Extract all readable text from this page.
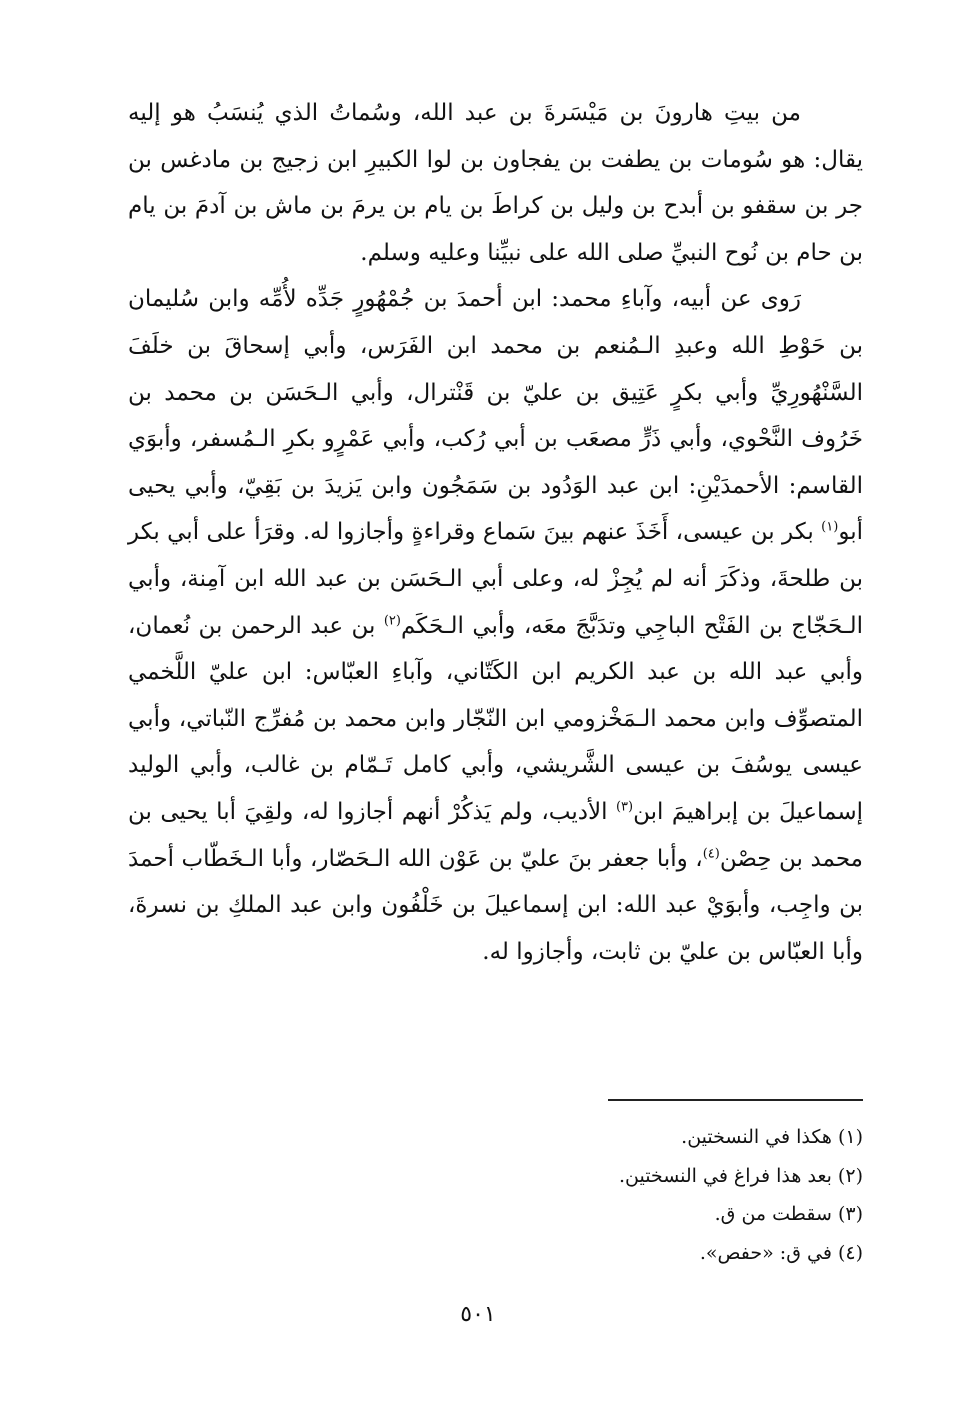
من بيتِ هارونَ بن مَيْسَرةَ بن عبد الله، وسُماتُ الذي يُنسَبُ هو إليه يقال: هو سُومات بن يطفت بن يفجاون بن لوا الكبيرِ ابن زجيج بن مادغس بن جر بن سقفو بن أبدح بن وليل بن كراطَ بن يام بن يرمَ بن ماش بن آدمَ بن يام بن حام بن نُوح النبيِّ صلى الله على نبيِّنا وعليه وسلم.

رَوى عن أبيه، وآباءِ محمد: ابن أحمدَ بن جُمْهُورٍ جَدِّه لأُمِّه وابن سُليمان بن حَوْطِ الله وعبدِ الـمُنعم بن محمد ابن الفَرَس، وأبي إسحاقَ بن خلَفَ السَّنْهُورِيِّ وأبي بكرٍ عَتِيق بن عليّ بن قَنْترال، وأبي الـحَسَن بن محمد بن خَرُوف النَّحْوي، وأبي ذَرٍّ مصعَب بن أبي رُكب، وأبي عَمْرٍو بكرِ الـمُسفر، وأبوَي القاسم: الأحمدَيْنِ: ابن عبد الوَدُود بن سَمَجُون وابن يَزيدَ بن بَقِيّ، وأبي يحيى أبو$^{(١)}$ بكر بن عيسى، أَخَذَ عنهم بينَ سَماع وقراءةٍ وأجازوا له. وقرَأ على أبي بكر بن طلحةَ، وذكَرَ أنه لم يُجِزْ له، وعلى أبي الـحَسَن بن عبد الله ابن آمِنة، وأبي الـحَجّاج بن الفَتْح الباجِي وتدَبَّجَ معَه، وأبي الـحَكَم$^{(٢)}$ بن عبد الرحمن بن نُعمان، وأبي عبد الله بن عبد الكريم ابن الكَتّاني، وآباءِ العبّاس: ابن عليّ اللَّخمي المتصوِّف وابن محمد الـمَخْزومي ابن النّجّار وابن محمد بن مُفرِّج النّباتي، وأبي عيسى يوسُفَ بن عيسى الشَّريشي، وأبي كامل تَـمّام بن غالب، وأبي الوليد إسماعيلَ بن إبراهيمَ ابن$^{(٣)}$ الأديب، ولم يَذكُرْ أنهم أجازوا له، ولقِيَ أبا يحيى بن محمد بن حِصْن$^{(٤)}$، وأبا جعفر بنَ عليّ بن عَوْن الله الـحَصّار، وأبا الـخَطّاب أحمدَ بن واجِب، وأبوَيْ عبد الله: ابن إسماعيلَ بن خَلْفُون وابن عبد الملكِ بن نسرةَ، وأبا العبّاس بن عليّ بن ثابت، وأجازوا له.

(١) هكذا في النسختين.

(٢) بعد هذا فراغ في النسختين.

(٣) سقطت من ق.

(٤) في ق: «حفص».

٥٠١
